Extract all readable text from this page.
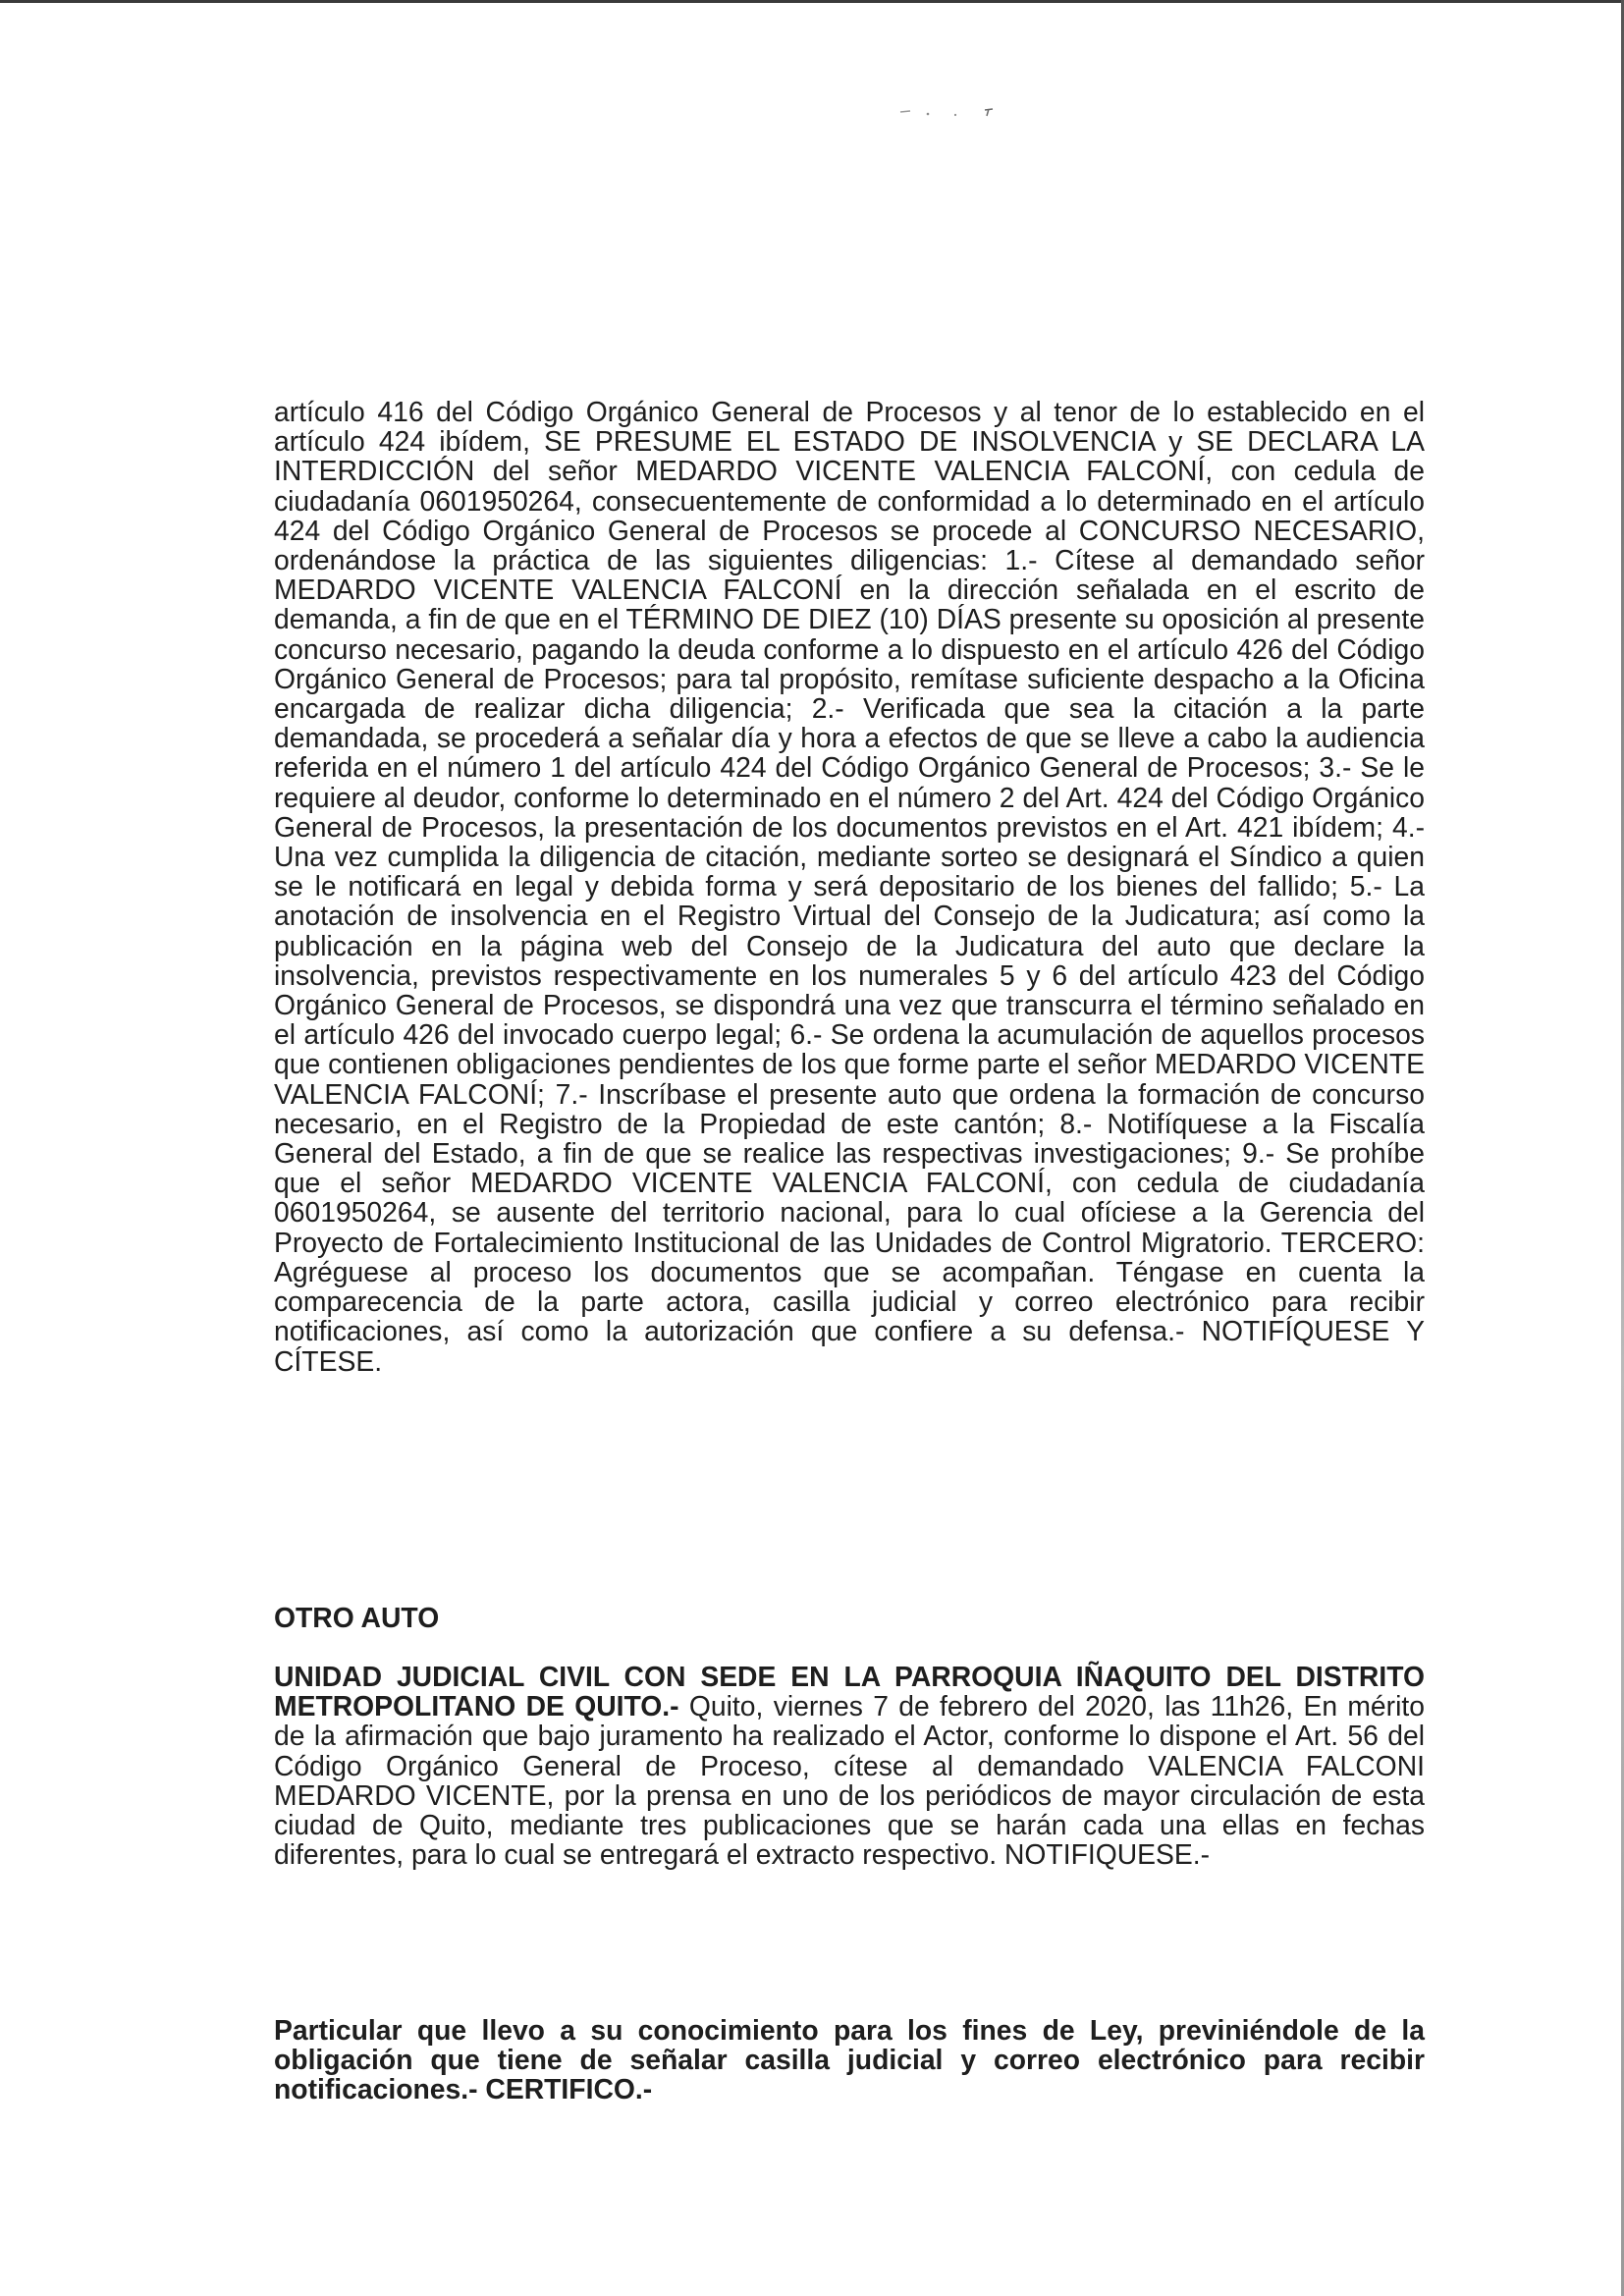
artículo 416 del Código Orgánico General de Procesos y al tenor de lo establecido en el artículo 424 ibídem, SE PRESUME EL ESTADO DE INSOLVENCIA y SE DECLARA LA INTERDICCIÓN del señor MEDARDO VICENTE VALENCIA FALCONÍ, con cedula de ciudadanía 0601950264, consecuentemente de conformidad a lo determinado en el artículo 424 del Código Orgánico General de Procesos se procede al CONCURSO NECESARIO, ordenándose la práctica de las siguientes diligencias: 1.- Cítese al demandado señor MEDARDO VICENTE VALENCIA FALCONÍ en la dirección señalada en el escrito de demanda, a fin de que en el TÉRMINO DE DIEZ (10) DÍAS presente su oposición al presente concurso necesario, pagando la deuda conforme a lo dispuesto en el artículo 426 del Código Orgánico General de Procesos; para tal propósito, remítase suficiente despacho a la Oficina encargada de realizar dicha diligencia; 2.- Verificada que sea la citación a la parte demandada, se procederá a señalar día y hora a efectos de que se lleve a cabo la audiencia referida en el número 1 del artículo 424 del Código Orgánico General de Procesos; 3.- Se le requiere al deudor, conforme lo determinado en el número 2 del Art. 424 del Código Orgánico General de Procesos, la presentación de los documentos previstos en el Art. 421 ibídem; 4.- Una vez cumplida la diligencia de citación, mediante sorteo se designará el Síndico a quien se le notificará en legal y debida forma y será depositario de los bienes del fallido; 5.- La anotación de insolvencia en el Registro Virtual del Consejo de la Judicatura; así como la publicación en la página web del Consejo de la Judicatura del auto que declare la insolvencia, previstos respectivamente en los numerales 5 y 6 del artículo 423 del Código Orgánico General de Procesos, se dispondrá una vez que transcurra el término señalado en el artículo 426 del invocado cuerpo legal; 6.- Se ordena la acumulación de aquellos procesos que contienen obligaciones pendientes de los que forme parte el señor MEDARDO VICENTE VALENCIA FALCONÍ; 7.- Inscríbase el presente auto que ordena la formación de concurso necesario, en el Registro de la Propiedad de este cantón; 8.- Notifíquese a la Fiscalía General del Estado, a fin de que se realice las respectivas investigaciones; 9.- Se prohíbe que el señor MEDARDO VICENTE VALENCIA FALCONÍ, con cedula de ciudadanía 0601950264, se ausente del territorio nacional, para lo cual ofíciese a la Gerencia del Proyecto de Fortalecimiento Institucional de las Unidades de Control Migratorio. TERCERO: Agréguese al proceso los documentos que se acompañan. Téngase en cuenta la comparecencia de la parte actora, casilla judicial y correo electrónico para recibir notificaciones, así como la autorización que confiere a su defensa.- NOTIFÍQUESE Y CÍTESE.

OTRO AUTO

UNIDAD JUDICIAL CIVIL CON SEDE EN LA PARROQUIA IÑAQUITO DEL DISTRITO METROPOLITANO DE QUITO.- Quito, viernes 7 de febrero del 2020, las 11h26, En mérito de la afirmación que bajo juramento ha realizado el Actor, conforme lo dispone el Art. 56 del Código Orgánico General de Proceso, cítese al demandado VALENCIA FALCONI MEDARDO VICENTE, por la prensa en uno de los periódicos de mayor circulación de esta ciudad de Quito, mediante tres publicaciones que se harán cada una ellas en fechas diferentes, para lo cual se entregará el extracto respectivo. NOTIFIQUESE.-

Particular que llevo a su conocimiento para los fines de Ley, previniéndole de la obligación que tiene de señalar casilla judicial y correo electrónico para recibir notificaciones.- CERTIFICO.-
